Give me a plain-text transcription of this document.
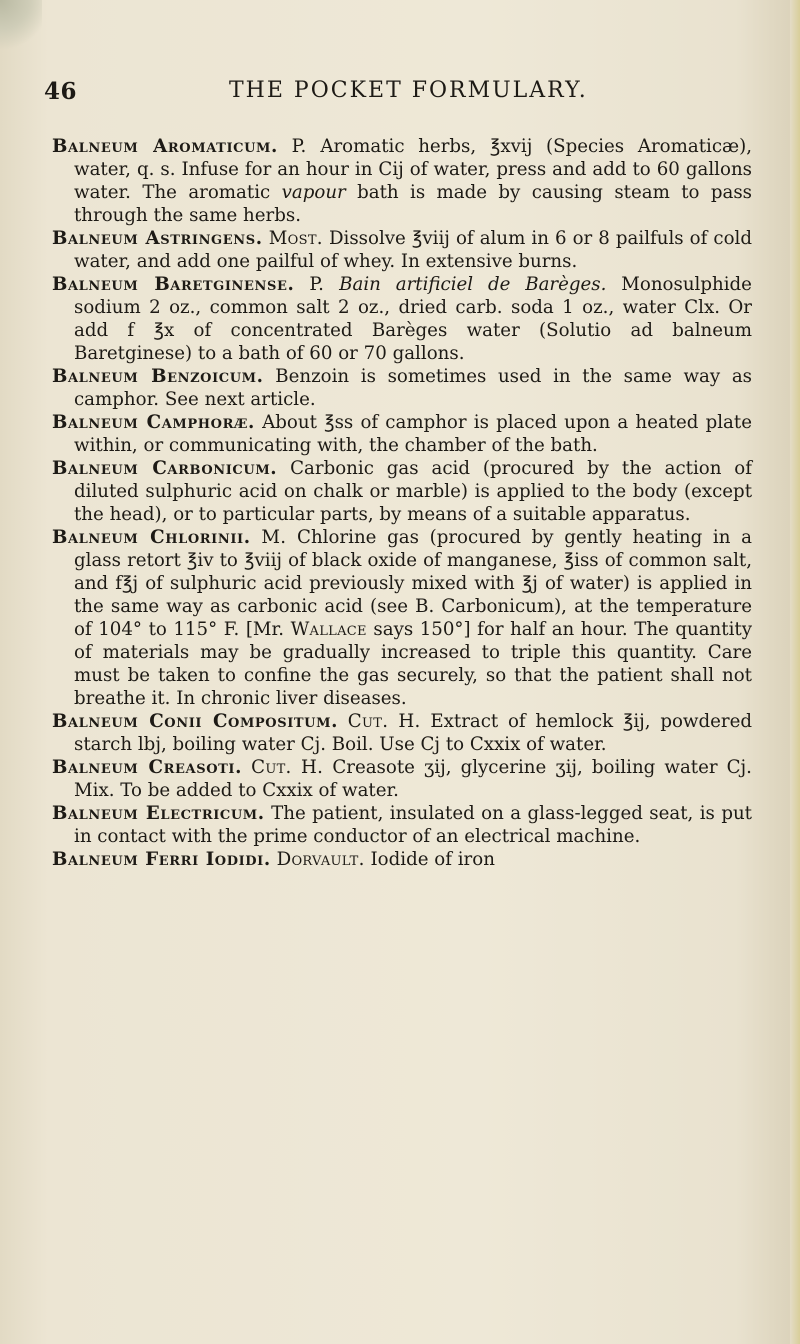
46	THE POCKET FORMULARY.

Balneum Aromaticum. P. Aromatic herbs, ℥xvij (Species Aromaticæ), water, q. s. Infuse for an hour in Cij of water, press and add to 60 gallons water. The aromatic vapour bath is made by causing steam to pass through the same herbs.

Balneum Astringens. Most. Dissolve ℥viij of alum in 6 or 8 pailfuls of cold water, and add one pailful of whey. In extensive burns.

Balneum Baretginense. P. Bain artificiel de Barèges. Monosulphide sodium 2 oz., common salt 2 oz., dried carb. soda 1 oz., water Clx. Or add f ℥x of concentrated Barèges water (Solutio ad balneum Baretginese) to a bath of 60 or 70 gallons.

Balneum Benzoicum. Benzoin is sometimes used in the same way as camphor. See next article.

Balneum Camphoræ. About ℥ss of camphor is placed upon a heated plate within, or communicating with, the chamber of the bath.

Balneum Carbonicum. Carbonic gas acid (procured by the action of diluted sulphuric acid on chalk or marble) is applied to the body (except the head), or to particular parts, by means of a suitable apparatus.

Balneum Chlorinii. M. Chlorine gas (procured by gently heating in a glass retort ℥iv to ℥viij of black oxide of manganese, ℥iss of common salt, and f℥j of sulphuric acid previously mixed with ℥j of water) is applied in the same way as carbonic acid (see B. Carbonicum), at the temperature of 104° to 115° F. [Mr. Wallace says 150°] for half an hour. The quantity of materials may be gradually increased to triple this quantity. Care must be taken to confine the gas securely, so that the patient shall not breathe it. In chronic liver diseases.

Balneum Conii Compositum. Cut. H. Extract of hemlock ℥ij, powdered starch lbj, boiling water Cj. Boil. Use Cj to Cxxix of water.

Balneum Creasoti. Cut. H. Creasote ʒij, glycerine ʒij, boiling water Cj. Mix. To be added to Cxxix of water.

Balneum Electricum. The patient, insulated on a glass-legged seat, is put in contact with the prime conductor of an electrical machine.

Balneum Ferri Iodidi. Dorvault. Iodide of iron
